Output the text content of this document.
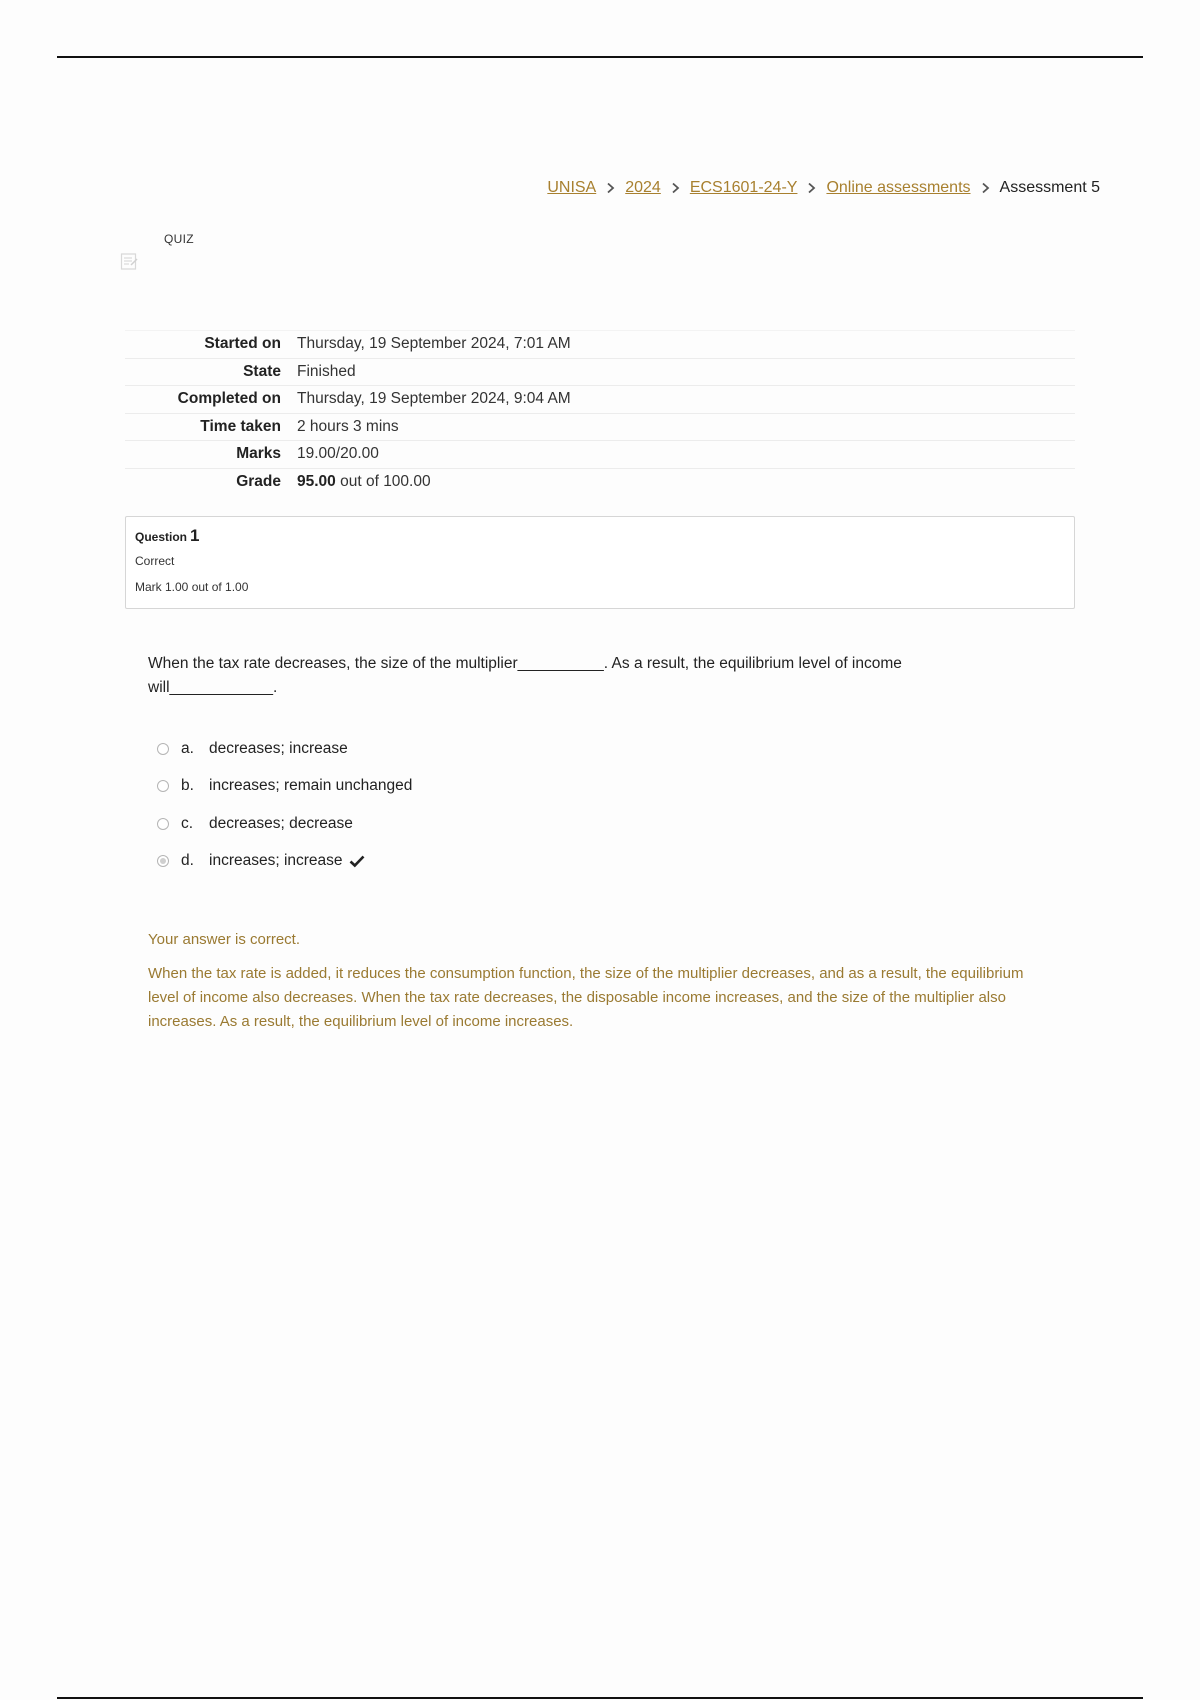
UNISA 2024 ECS1601-24-Y Online assessments Assessment 5
QUIZ
Started on	Thursday, 19 September 2024, 7:01 AM
State	Finished
Completed on	Thursday, 19 September 2024, 9:04 AM
Time taken	2 hours 3 mins
Marks	19.00/20.00
Grade	95.00 out of 100.00
Question 1
Correct
Mark 1.00 out of 1.00
When the tax rate decreases, the size of the multiplier__________. As a result, the equilibrium level of income
will____________.
a. decreases; increase
b. increases; remain unchanged
c.	decreases; decrease
d. increases; increase

Your answer is correct.

When the tax rate is added, it reduces the consumption function, the size of the multiplier decreases, and as a result, the equilibrium level of income also decreases. When the tax rate decreases, the disposable income increases, and the size of the multiplier also increases. As a result, the equilibrium level of income increases.
